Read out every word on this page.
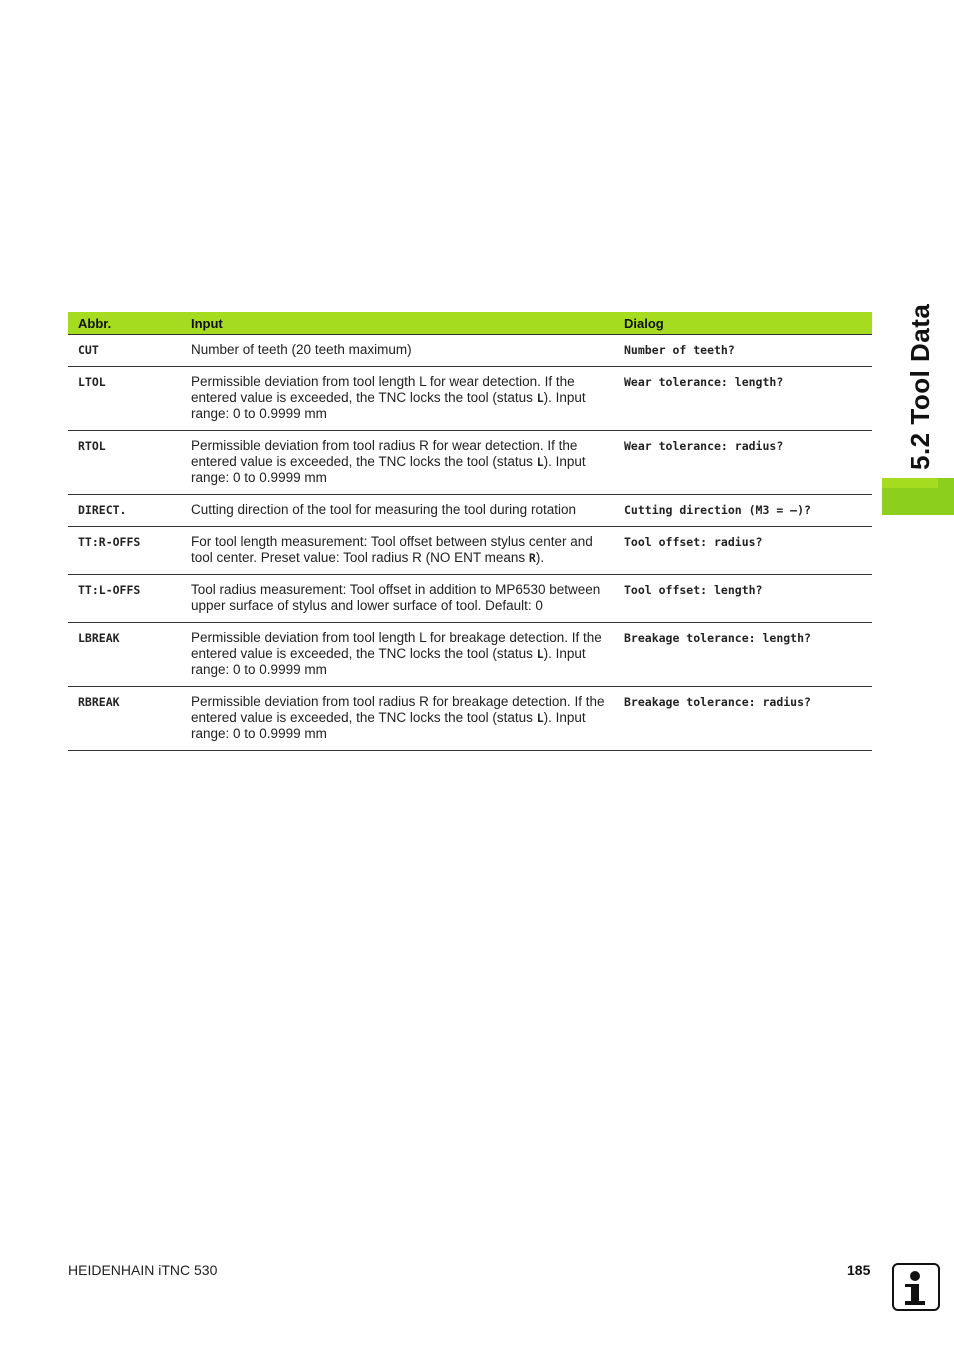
Abbr.	Input	Dialog
CUT	Number of teeth (20 teeth maximum)	Number of teeth?
LTOL	Permissible deviation from tool length L for wear detection. If the entered value is exceeded, the TNC locks the tool (status L). Input range: 0 to 0.9999 mm	Wear tolerance: length?
RTOL	Permissible deviation from tool radius R for wear detection. If the entered value is exceeded, the TNC locks the tool (status L). Input range: 0 to 0.9999 mm	Wear tolerance: radius?
DIRECT.	Cutting direction of the tool for measuring the tool during rotation	Cutting direction (M3 = –)?
TT:R-OFFS	For tool length measurement: Tool offset between stylus center and tool center. Preset value: Tool radius R (NO ENT means R).	Tool offset: radius?
TT:L-OFFS	Tool radius measurement: Tool offset in addition to MP6530 between upper surface of stylus and lower surface of tool. Default: 0	Tool offset: length?
LBREAK	Permissible deviation from tool length L for breakage detection. If the entered value is exceeded, the TNC locks the tool (status L). Input range: 0 to 0.9999 mm	Breakage tolerance: length?
RBREAK	Permissible deviation from tool radius R for breakage detection. If the entered value is exceeded, the TNC locks the tool (status L). Input range: 0 to 0.9999 mm	Breakage tolerance: radius?
5.2 Tool Data
HEIDENHAIN iTNC 530	185
